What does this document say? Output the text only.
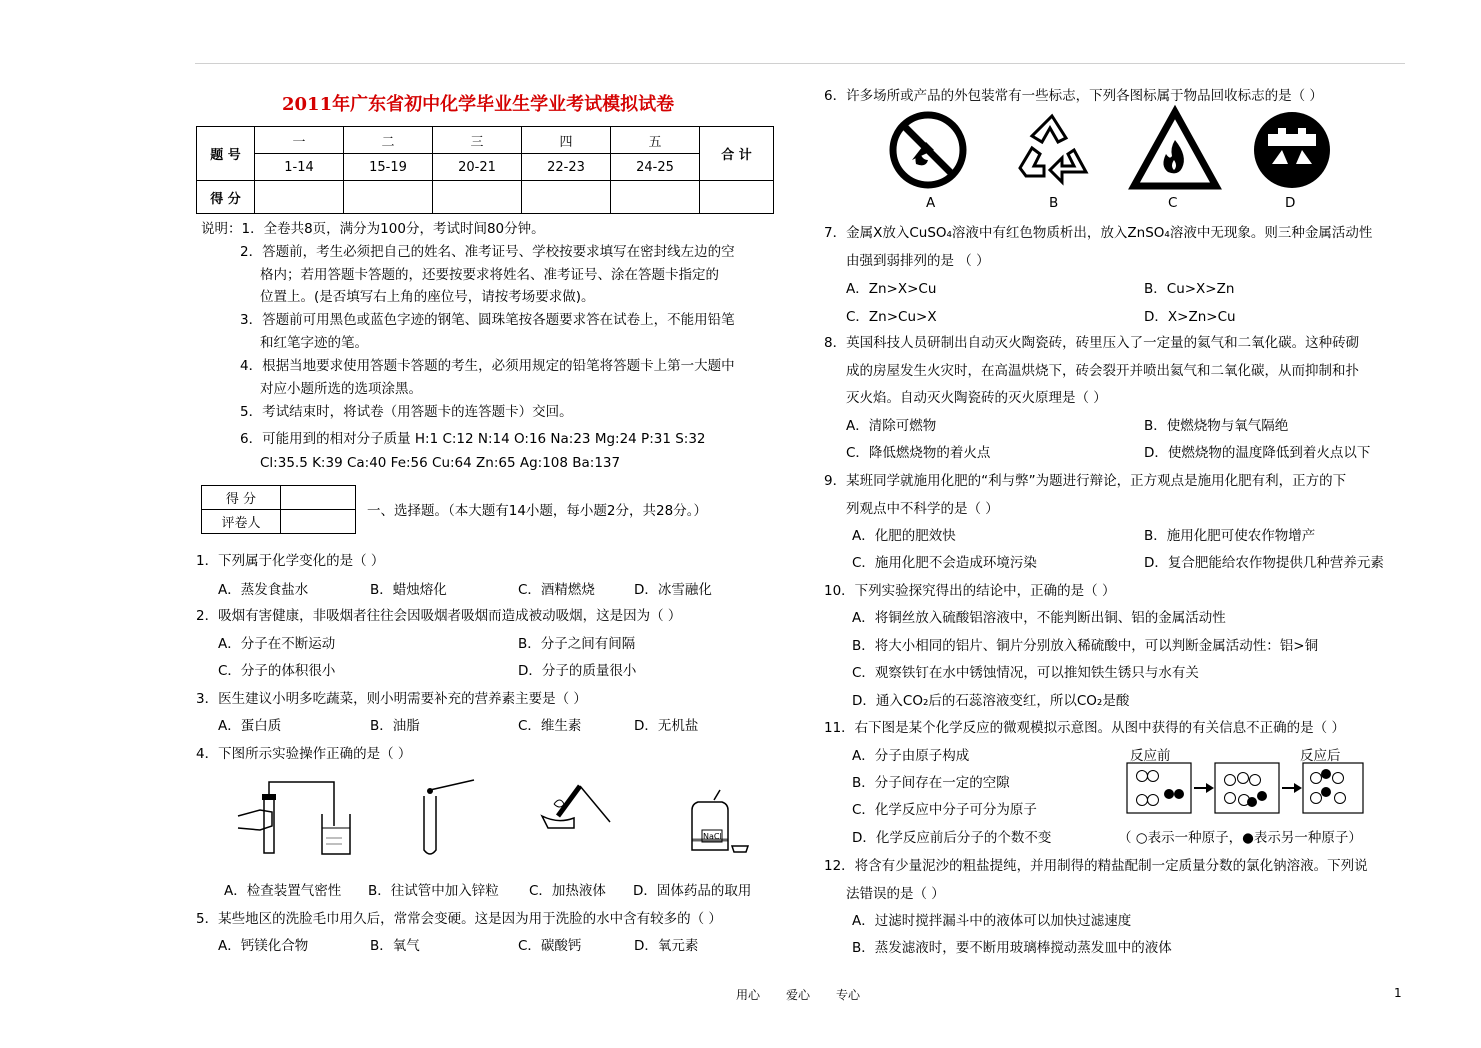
2011年广东省初中化学毕业生学业考试模拟试卷
题 号	一	二	三	四	五	合 计
	1-14	15-19	20-21	22-23	24-25	
得 分						
说明：1．全卷共8页，满分为100分，考试时间80分钟。
2．答题前，考生必须把自己的姓名、准考证号、学校按要求填写在密封线左边的空
格内；若用答题卡答题的，还要按要求将姓名、准考证号、涂在答题卡指定的
位置上。(是否填写右上角的座位号，请按考场要求做)。
3．答题前可用黑色或蓝色字迹的钢笔、圆珠笔按各题要求答在试卷上，不能用铅笔
和红笔字迹的笔。
4．根据当地要求使用答题卡答题的考生，必须用规定的铅笔将答题卡上第一大题中
对应小题所选的选项涂黑。
5．考试结束时，将试卷（用答题卡的连答题卡）交回。
6．可能用到的相对分子质量 H:1 C:12 N:14 O:16 Na:23 Mg:24 P:31 S:32
Cl:35.5 K:39 Ca:40 Fe:56 Cu:64 Zn:65 Ag:108 Ba:137
得 分	
评卷人	
一、选择题。（本大题有14小题，每小题2分，共28分。）
1．下列属于化学变化的是（ ）
A．蒸发食盐水	B．蜡烛熔化	C．酒精燃烧	D．冰雪融化
2．吸烟有害健康，非吸烟者往往会因吸烟者吸烟而造成被动吸烟，这是因为（ ）
A．分子在不断运动	B．分子之间有间隔
C．分子的体积很小	D．分子的质量很小
3．医生建议小明多吃蔬菜，则小明需要补充的营养素主要是（ ）
A．蛋白质	B．油脂	C．维生素	D．无机盐
4．下图所示实验操作正确的是（ ）
NaCl
A．检查装置气密性 B．往试管中加入锌粒 C．加热液体 D．固体药品的取用
5．某些地区的洗脸毛巾用久后，常常会变硬。这是因为用于洗脸的水中含有较多的（ ）
A．钙镁化合物	B．氧气	C．碳酸钙	D．氧元素
6．许多场所或产品的外包装常有一些标志，下列各图标属于物品回收标志的是（ ）
A	B	C	D
7．金属X放入CuSO₄溶液中有红色物质析出，放入ZnSO₄溶液中无现象。则三种金属活动性
由强到弱排列的是 （ ）
A．Zn>X>Cu	B．Cu>X>Zn
C．Zn>Cu>X	D．X>Zn>Cu
8．英国科技人员研制出自动灭火陶瓷砖，砖里压入了一定量的氦气和二氧化碳。这种砖砌
成的房屋发生火灾时，在高温烘烧下，砖会裂开并喷出氦气和二氧化碳，从而抑制和扑
灭火焰。自动灭火陶瓷砖的灭火原理是（ ）
A．清除可燃物	B．使燃烧物与氧气隔绝
C．降低燃烧物的着火点	D．使燃烧物的温度降低到着火点以下
9．某班同学就施用化肥的“利与弊”为题进行辩论，正方观点是施用化肥有利，正方的下
列观点中不科学的是（ ）
A．化肥的肥效快	B．施用化肥可使农作物增产
C．施用化肥不会造成环境污染	D．复合肥能给农作物提供几种营养元素
10．下列实验探究得出的结论中，正确的是（ ）
A．将铜丝放入硫酸铝溶液中，不能判断出铜、铝的金属活动性
B．将大小相同的铝片、铜片分别放入稀硫酸中，可以判断金属活动性：铝>铜
C．观察铁钉在水中锈蚀情况，可以推知铁生锈只与水有关
D．通入CO₂后的石蕊溶液变红，所以CO₂是酸
11．右下图是某个化学反应的微观模拟示意图。从图中获得的有关信息不正确的是（ ）
A．分子由原子构成
B．分子间存在一定的空隙
C．化学反应中分子可分为原子
D．化学反应前后分子的个数不变
反应前	反应后
（ ○表示一种原子，●表示另一种原子）
12．将含有少量泥沙的粗盐提纯，并用制得的精盐配制一定质量分数的氯化钠溶液。下列说
法错误的是（ ）
A．过滤时搅拌漏斗中的液体可以加快过滤速度
B．蒸发滤液时，要不断用玻璃棒搅动蒸发皿中的液体
用心 爱心 专心	1
